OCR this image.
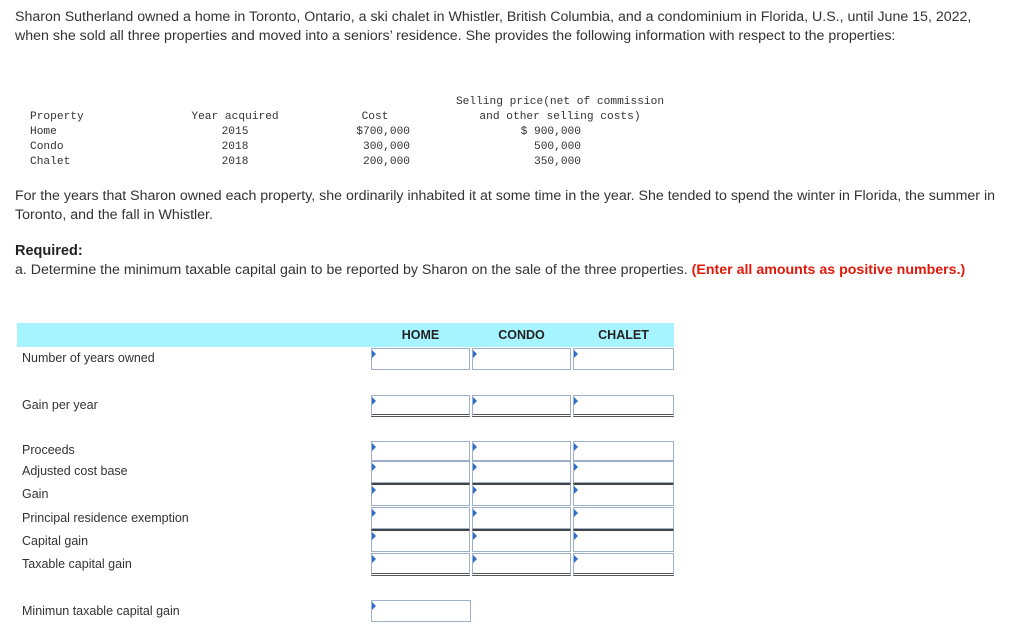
Sharon Sutherland owned a home in Toronto, Ontario, a ski chalet in Whistler, British Columbia, and a condominium in Florida, U.S., until June 15, 2022, when she sold all three properties and moved into a seniors’ residence. She provides the following information with respect to the properties:
Property
Home
Condo
Chalet
Year acquired
2015
2018
2018
Cost
$700,000
300,000
200,000
Selling price(net of commission
and other selling costs)
$ 900,000
500,000
350,000
For the years that Sharon owned each property, she ordinarily inhabited it at some time in the year. She tended to spend the winter in Florida, the summer in Toronto, and the fall in Whistler.
Required:
a. Determine the minimum taxable capital gain to be reported by Sharon on the sale of the three properties. (Enter all amounts as positive numbers.)
HOME	CONDO	CHALET
Number of years owned
Gain per year
Proceeds
Adjusted cost base
Gain
Principal residence exemption
Capital gain
Taxable capital gain
Minimun taxable capital gain
